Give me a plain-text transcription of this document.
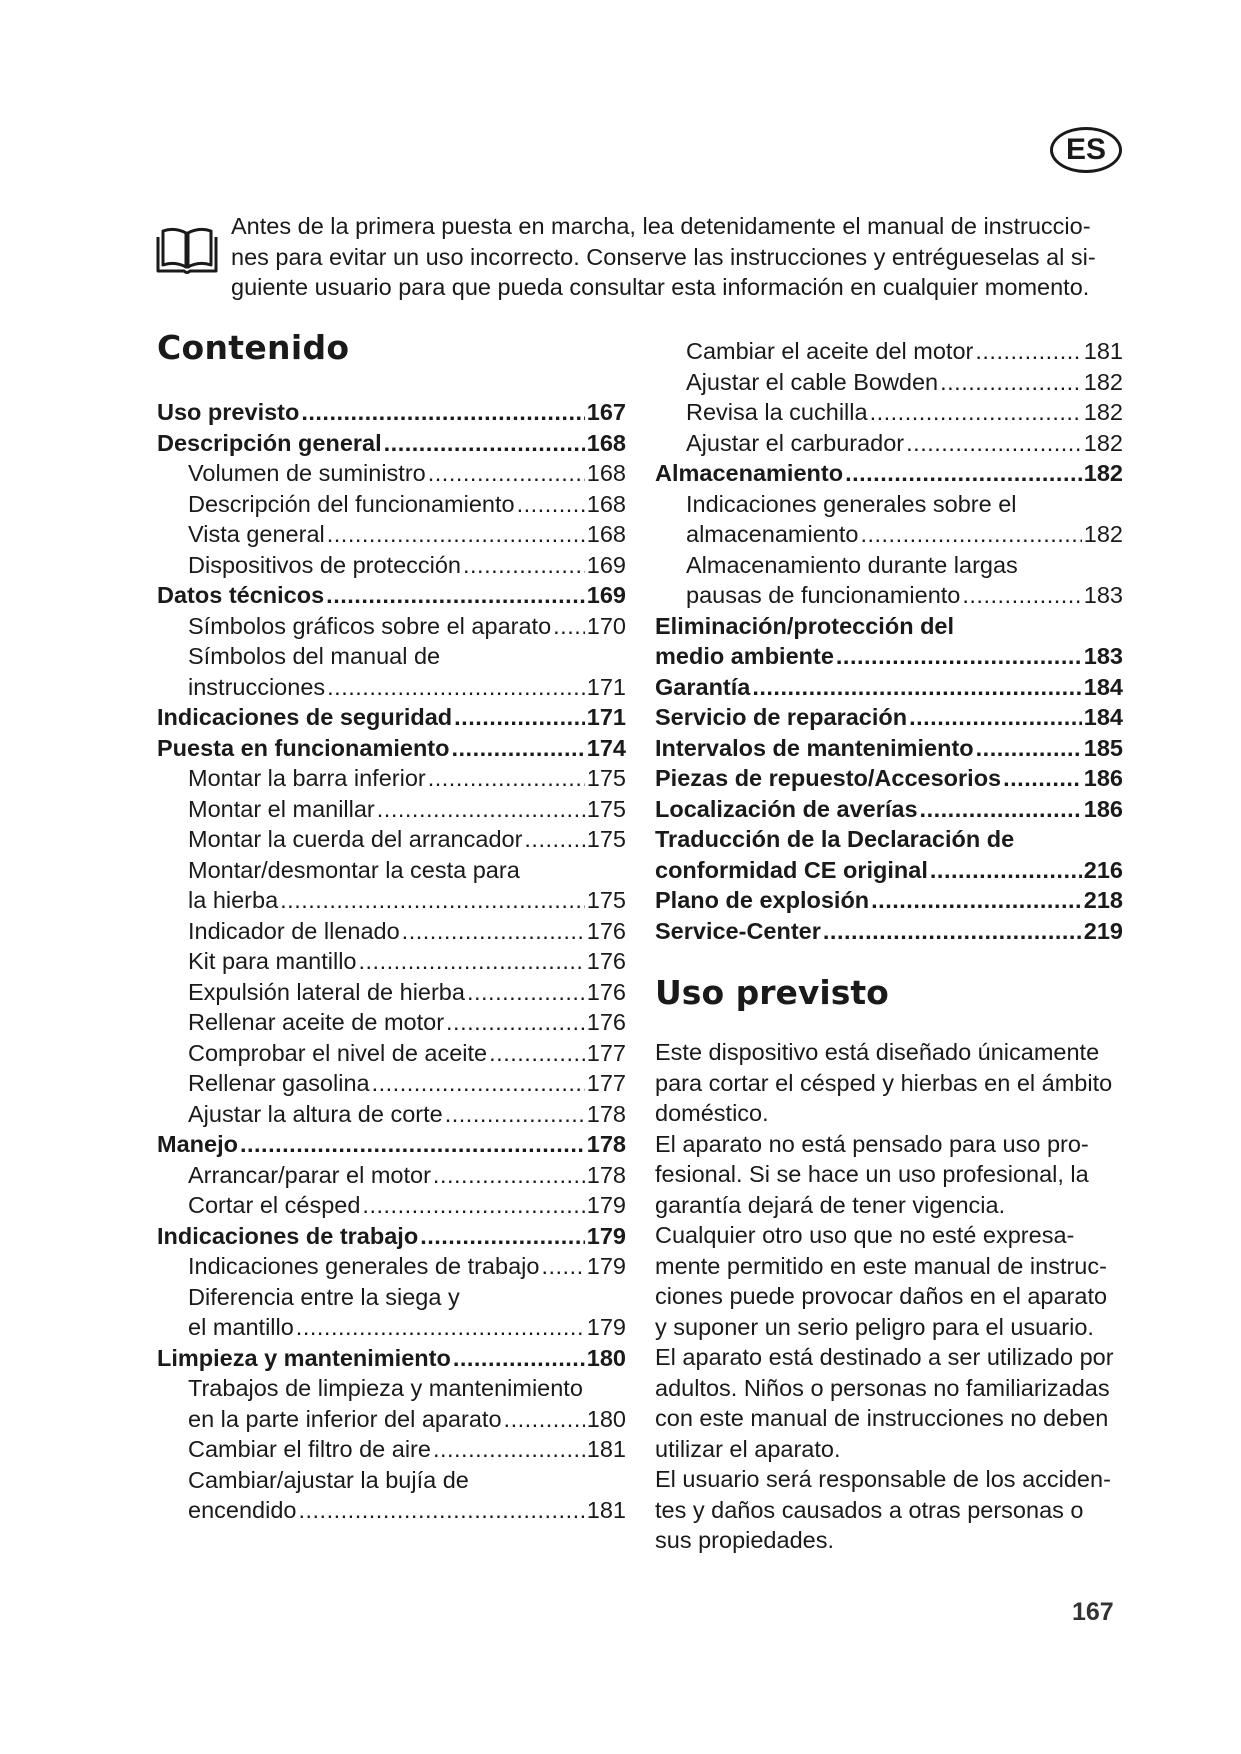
ES

Antes de la primera puesta en marcha, lea detenidamente el manual de instruccio-
nes para evitar un uso incorrecto. Conserve las instrucciones y entrégueselas al si-
guiente usuario para que pueda consultar esta información en cualquier momento.

Contenido
Uso previsto .....	167
Descripción general .....	168
Volumen de suministro .....	168
Descripción del funcionamiento .....	168
Vista general .....	168
Dispositivos de protección .....	169
Datos técnicos .....	169
Símbolos gráficos sobre el aparato ..... 170
Símbolos del manual de
instrucciones .....	171
Indicaciones de seguridad .....	171
Puesta en funcionamiento .....	174
Montar la barra inferior .....	175
Montar el manillar .....	175
Montar la cuerda del arrancador .....	175
Montar/desmontar la cesta para
la hierba .....	175
Indicador de llenado .....	176
Kit para mantillo .....	176
Expulsión lateral de hierba .....	176
Rellenar aceite de motor .....	176
Comprobar el nivel de aceite .....	177
Rellenar gasolina .....	177
Ajustar la altura de corte .....	178
Manejo .....	178
Arrancar/parar el motor .....	178
Cortar el césped .....	179
Indicaciones de trabajo .....	179
Indicaciones generales de trabajo ..... 179
Diferencia entre la siega y
el mantillo .....	179
Limpieza y mantenimiento .....	180
Trabajos de limpieza y mantenimiento
en la parte inferior del aparato .....	180
Cambiar el filtro de aire .....	181
Cambiar/ajustar la bujía de
encendido .....	181
Cambiar el aceite del motor .....	181
Ajustar el cable Bowden .....	182
Revisa la cuchilla .....	182
Ajustar el carburador .....	182
Almacenamiento .....	182
Indicaciones generales sobre el
almacenamiento .....	182
Almacenamiento durante largas
pausas de funcionamiento .....	183
Eliminación/protección del
medio ambiente .....	183
Garantía .....	184
Servicio de reparación .....	184
Intervalos de mantenimiento .....	185
Piezas de repuesto/Accesorios .....	186
Localización de averías .....	186
Traducción de la Declaración de
conformidad CE original .....	216
Plano de explosión .....	218
Service-Center .....	219
Uso previsto
Este dispositivo está diseñado únicamente
para cortar el césped y hierbas en el ámbito
doméstico.
El aparato no está pensado para uso pro-
fesional. Si se hace un uso profesional, la
garantía dejará de tener vigencia.
Cualquier otro uso que no esté expresa-
mente permitido en este manual de instruc-
ciones puede provocar daños en el aparato
y suponer un serio peligro para el usuario.
El aparato está destinado a ser utilizado por
adultos. Niños o personas no familiarizadas
con este manual de instrucciones no deben
utilizar el aparato.
El usuario será responsable de los acciden-
tes y daños causados a otras personas o
sus propiedades.
167
